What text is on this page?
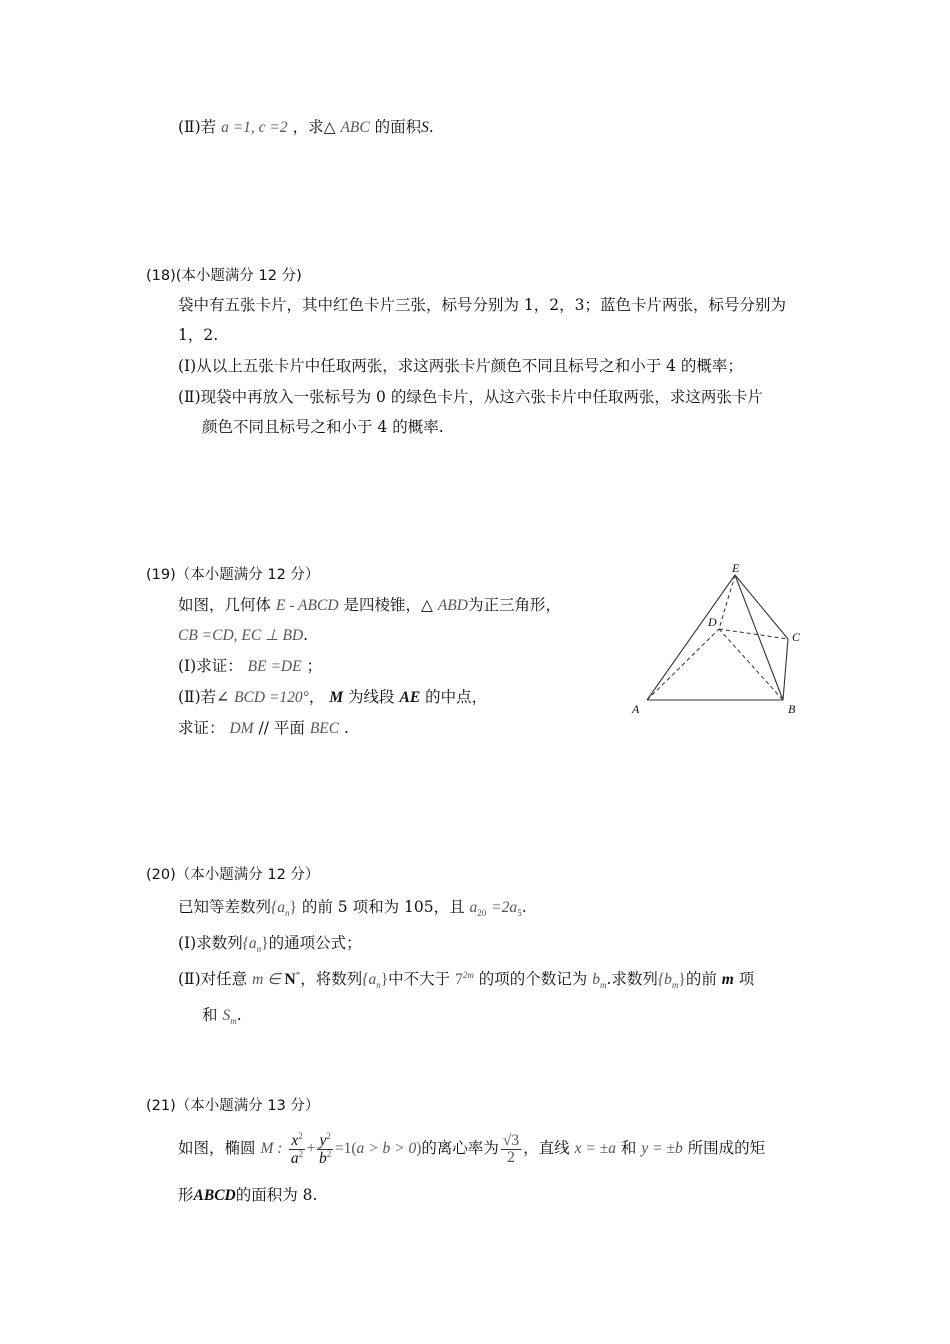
(Ⅱ)若 a =1, c =2 ，求△ ABC 的面积S.
(18)(本小题满分 12 分)
袋中有五张卡片，其中红色卡片三张，标号分别为 1，2，3；蓝色卡片两张，标号分别为
1，2.
(Ⅰ)从以上五张卡片中任取两张，求这两张卡片颜色不同且标号之和小于 4 的概率；
(Ⅱ)现袋中再放入一张标号为 0 的绿色卡片，从这六张卡片中任取两张，求这两张卡片
颜色不同且标号之和小于 4 的概率.
(19)（本小题满分 12 分）
如图，几何体 E - ABCD 是四棱锥，△ ABD为正三角形，
CB =CD, EC ⊥ BD.
(Ⅰ)求证： BE =DE ；
(Ⅱ)若∠ BCD =120°， M 为线段 AE 的中点，
求证： DM // 平面 BEC .
E
D
C
A	B
(20)（本小题满分 12 分）
已知等差数列$\{a_n\}$ 的前 5 项和为 105，且 $a_{20} =2a_5$.
(Ⅰ)求数列$\{a_n\}$的通项公式；
(Ⅱ)对任意 m ∈ N*，将数列$\{a_n\}$中不大于 $7^{2m}$ 的项的个数记为 $b_m$.求数列$\{b_m\}$的前 m 项
和 $S_m$.
(21)（本小题满分 13 分）
如图，椭圆 M : $\frac{x^2}{a^2} + \frac{y^2}{b^2} =1(a > b > 0)$的离心率为 $\frac{√3}{2}$ ，直线 x = ±a 和 y = ±b 所围成的矩
形ABCD的面积为 8.
